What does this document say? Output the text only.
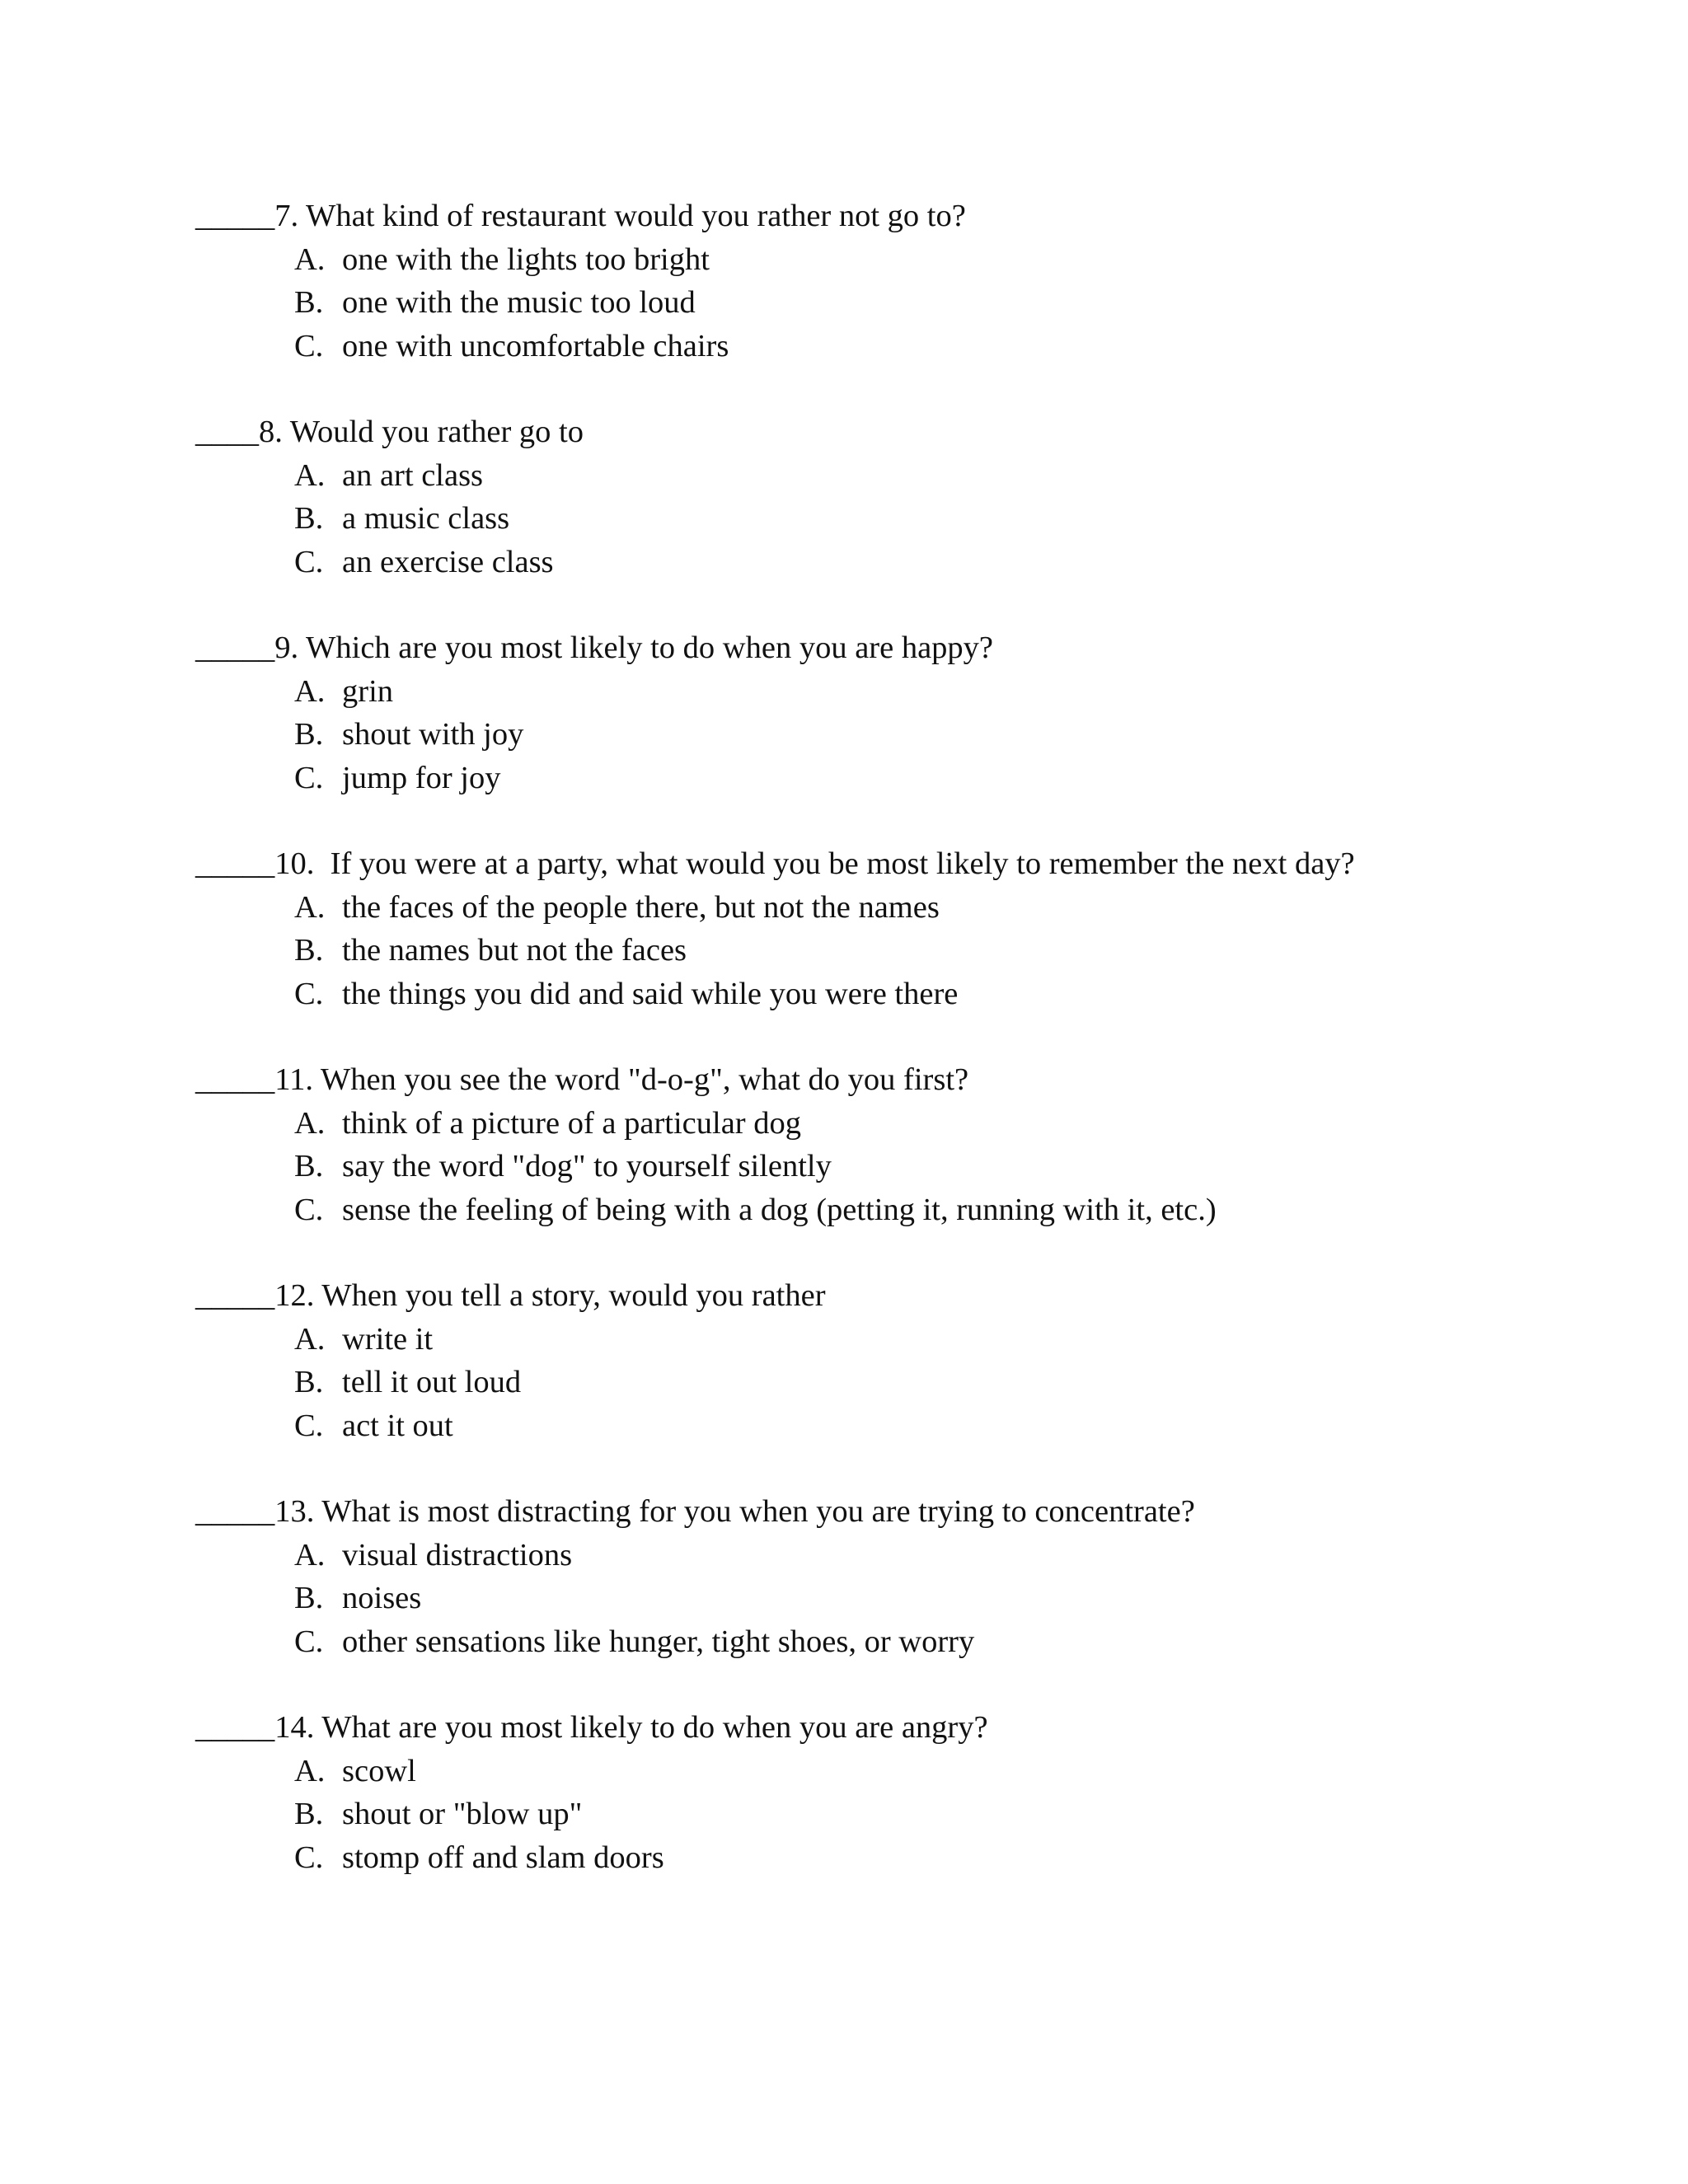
_____7. What kind of restaurant would you rather not go to?
A. one with the lights too bright
B. one with the music too loud
C. one with uncomfortable chairs
____8. Would you rather go to
A. an art class
B. a music class
C. an exercise class
_____9. Which are you most likely to do when you are happy?
A. grin
B. shout with joy
C. jump for joy
_____10.  If you were at a party, what would you be most likely to remember the next day?
A. the faces of the people there, but not the names
B. the names but not the faces
C. the things you did and said while you were there
_____11. When you see the word "d-o-g", what do you first?
A. think of a picture of a particular dog
B. say the word "dog" to yourself silently
C. sense the feeling of being with a dog (petting it, running with it, etc.)
_____12. When you tell a story, would you rather
A. write it
B. tell it out loud
C. act it out
_____13. What is most distracting for you when you are trying to concentrate?
A. visual distractions
B. noises
C. other sensations like hunger, tight shoes, or worry
_____14. What are you most likely to do when you are angry?
A. scowl
B. shout or "blow up"
C. stomp off and slam doors
